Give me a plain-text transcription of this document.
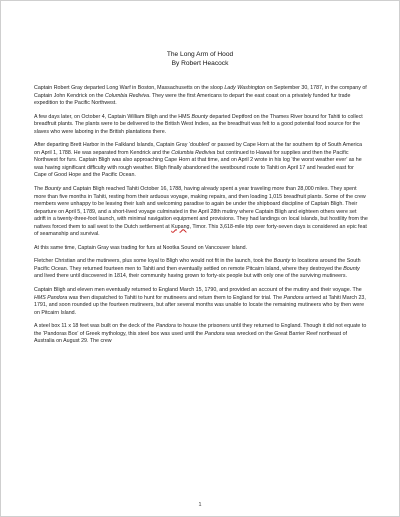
The Long Arm of Hood
By Robert Heacock

Captain Robert Gray departed Long Warf in Boston, Massachusetts on the sloop Lady Washington on September 30, 1787, in the company of Captain John Kendrick on the Columbia Rediviva. They were the first Americans to depart the east coast on a privately funded fur trade expedition to the Pacific Northwest.

A few days later, on October 4, Captain William Bligh and the HMS Bounty departed Deptford on the Thames River bound for Tahiti to collect breadfruit plants. The plants were to be delivered to the British West Indies, as the breadfruit was felt to a good potential food source for the slaves who were laboring in the British plantations there.

After departing Brett Harbor in the Falkland Islands, Captain Gray ‘doubled’ or passed by Cape Horn at the far southern tip of South America on April 1, 1788. He was separated from Kendrick and the Columbia Rediviva but continued to Hawaii for supplies and then the Pacific Northwest for furs. Captain Bligh was also approaching Cape Horn at that time, and on April 2 wrote in his log ‘the worst weather ever’ as he was having significant difficulty with rough weather. Bligh finally abandoned the westbound route to Tahiti on April 17 and headed east for Cape of Good Hope and the Pacific Ocean.

The Bounty and Captain Bligh reached Tahiti October 16, 1788, having already spent a year traveling more than 28,000 miles. They spent more than five months in Tahiti, resting from their arduous voyage, making repairs, and then loading 1,015 breadfruit plants. Some of the crew members were unhappy to be leaving their lush and welcoming paradise to again be under the shipboard discipline of Captain Bligh. Their departure on April 5, 1789, and a short-lived voyage culminated in the April 28th mutiny where Captain Bligh and eighteen others were set adrift in a twenty-three-foot launch, with minimal navigation equipment and provisions. They had landings on local islands, but hostility from the natives forced them to sail west to the Dutch settlement at Kupang, Timor. This 3,618-mile trip over forty-seven days is considered an epic feat of seamanship and survival.

At this same time, Captain Gray was trading for furs at Nootka Sound on Vancouver Island.

Fletcher Christian and the mutineers, plus some loyal to Bligh who would not fit in the launch, took the Bounty to locations around the South Pacific Ocean. They returned fourteen men to Tahiti and then eventually settled on remote Pitcairn Island, where they destroyed the Bounty and lived there until discovered in 1814, their community having grown to forty-six people but with only one of the surviving mutineers.

Captain Bligh and eleven men eventually returned to England March 15, 1790, and provided an account of the mutiny and their voyage. The HMS Pandora was then dispatched to Tahiti to hunt for mutineers and return them to England for trial. The Pandora arrived at Tahiti March 23, 1791, and soon rounded up the fourteen mutineers, but after several months was unable to locate the remaining mutineers who by then were on Pitcairn Island.

A steel box 11 x 18 feet was built on the deck of the Pandora to house the prisoners until they returned to England. Though it did not equate to the ‘Pandoras Box’ of Greek mythology, this steel box was used until the Pandora was wrecked on the Great Barrier Reef northeast of Australia on August 29. The crew

1
